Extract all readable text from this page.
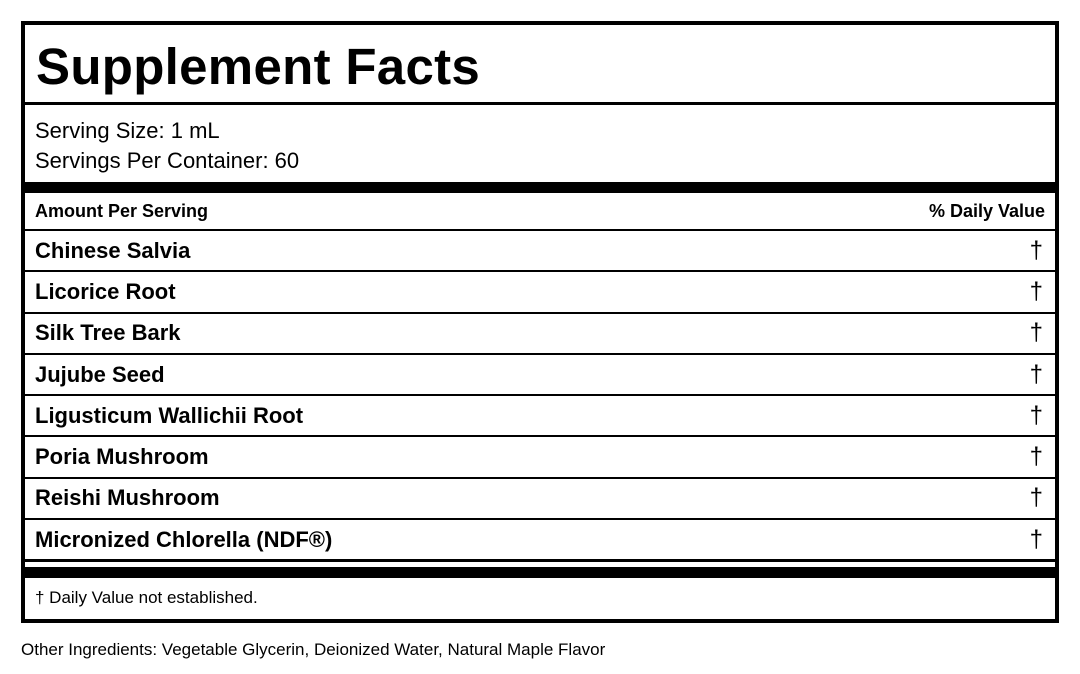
Supplement Facts
Serving Size: 1 mL
Servings Per Container: 60
Amount Per Serving	% Daily Value
Chinese Salvia	†
Licorice Root	†
Silk Tree Bark	†
Jujube Seed	†
Ligusticum Wallichii Root	†
Poria Mushroom	†
Reishi Mushroom	†
Micronized Chlorella (NDF®)	†
† Daily Value not established.
Other Ingredients: Vegetable Glycerin, Deionized Water, Natural Maple Flavor
